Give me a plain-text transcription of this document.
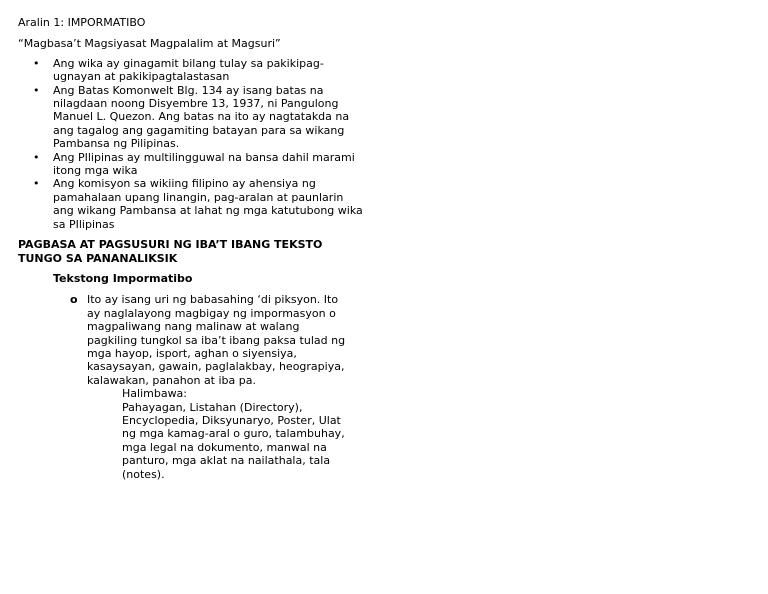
Aralin 1: IMPORMATIBO
“Magbasa’t Magsiyasat Magpalalim at Magsuri”
• Ang wika ay ginagamit bilang tulay sa pakikipag-ugnayan at pakikipagtalastasan
• Ang Batas Komonwelt Blg. 134 ay isang batas na nilagdaan noong Disyembre 13, 1937, ni Pangulong Manuel L. Quezon. Ang batas na ito ay nagtatakda na ang tagalog ang gagamiting batayan para sa wikang Pambansa ng Pilipinas.
• Ang PIlipinas ay multilingguwal na bansa dahil marami itong mga wika
• Ang komisyon sa wikiing filipino ay ahensiya ng pamahalaan upang linangin, pag-aralan at paunlarin ang wikang Pambansa at lahat ng mga katutubong wika sa PIlipinas
PAGBASA AT PAGSUSURI NG IBA’T IBANG TEKSTO TUNGO SA PANANALIKSIK
Tekstong Impormatibo
o Ito ay isang uri ng babasahing ‘di piksyon. Ito ay naglalayong magbigay ng impormasyon o magpaliwang nang malinaw at walang pagkiling tungkol sa iba’t ibang paksa tulad ng mga hayop, isport, aghan o siyensiya, kasaysayan, gawain, paglalakbay, heograpiya, kalawakan, panahon at iba pa.
Halimbawa:
Pahayagan, Listahan (Directory), Encyclopedia, Diksyunaryo, Poster, Ulat ng mga kamag-aral o guro, talambuhay, mga legal na dokumento, manwal na panturo, mga aklat na nailathala, tala (notes).
